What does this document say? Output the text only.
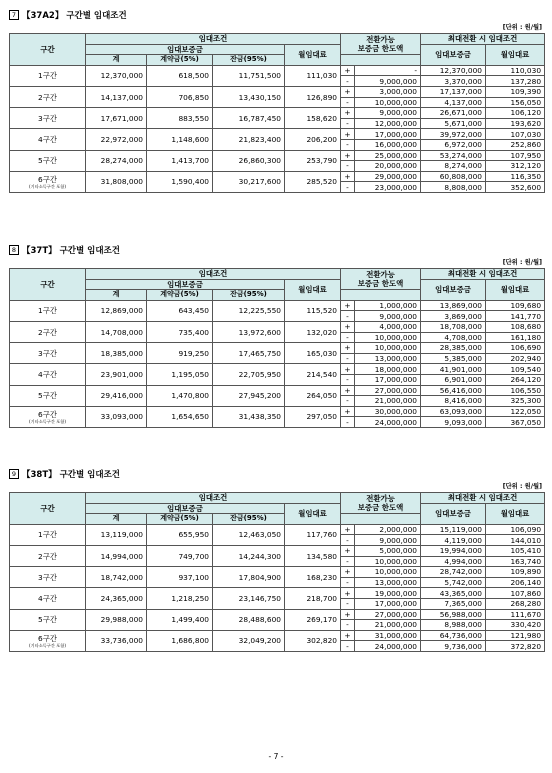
7 【37A2】 구간별 임대조건
[단위 : 원/월]
구간	임대조건				전환가능
보증금 한도액		최대전환 시 임대조건	
	임대보증금			월임대료			임대보증금	월임대료
	계	계약금(5%)	잔금(95%)					
1구간	12,370,000	618,500	11,751,500	111,030	+	-	12,370,000	110,030
					-	9,000,000	3,370,000	137,280
2구간	14,137,000	706,850	13,430,150	126,890	+	3,000,000	17,137,000	109,390
					-	10,000,000	4,137,000	156,050
3구간	17,671,000	883,550	16,787,450	158,620	+	9,000,000	26,671,000	106,120
					-	12,000,000	5,671,000	193,620
4구간	22,972,000	1,148,600	21,823,400	206,200	+	17,000,000	39,972,000	107,030
					-	16,000,000	6,972,000	252,860
5구간	28,274,000	1,413,700	26,860,300	253,790	+	25,000,000	53,274,000	107,950
					-	20,000,000	8,274,000	312,120
6구간
(기타소득구간 포함)	31,808,000	1,590,400	30,217,600	285,520	+	29,000,000	60,808,000	116,350
					-	23,000,000	8,808,000	352,600
8 【37T】 구간별 임대조건
[단위 : 원/월]
구간	임대조건				전환가능
보증금 한도액		최대전환 시 임대조건	
	임대보증금			월임대료			임대보증금	월임대료
	계	계약금(5%)	잔금(95%)					
1구간	12,869,000	643,450	12,225,550	115,520	+	1,000,000	13,869,000	109,680
					-	9,000,000	3,869,000	141,770
2구간	14,708,000	735,400	13,972,600	132,020	+	4,000,000	18,708,000	108,680
					-	10,000,000	4,708,000	161,180
3구간	18,385,000	919,250	17,465,750	165,030	+	10,000,000	28,385,000	106,690
					-	13,000,000	5,385,000	202,940
4구간	23,901,000	1,195,050	22,705,950	214,540	+	18,000,000	41,901,000	109,540
					-	17,000,000	6,901,000	264,120
5구간	29,416,000	1,470,800	27,945,200	264,050	+	27,000,000	56,416,000	106,550
					-	21,000,000	8,416,000	325,300
6구간
(기타소득구간 포함)	33,093,000	1,654,650	31,438,350	297,050	+	30,000,000	63,093,000	122,050
					-	24,000,000	9,093,000	367,050
9 【38T】 구간별 임대조건
[단위 : 원/월]
구간	임대조건				전환가능
보증금 한도액		최대전환 시 임대조건	
	임대보증금			월임대료			임대보증금	월임대료
	계	계약금(5%)	잔금(95%)					
1구간	13,119,000	655,950	12,463,050	117,760	+	2,000,000	15,119,000	106,090
					-	9,000,000	4,119,000	144,010
2구간	14,994,000	749,700	14,244,300	134,580	+	5,000,000	19,994,000	105,410
					-	10,000,000	4,994,000	163,740
3구간	18,742,000	937,100	17,804,900	168,230	+	10,000,000	28,742,000	109,890
					-	13,000,000	5,742,000	206,140
4구간	24,365,000	1,218,250	23,146,750	218,700	+	19,000,000	43,365,000	107,860
					-	17,000,000	7,365,000	268,280
5구간	29,988,000	1,499,400	28,488,600	269,170	+	27,000,000	56,988,000	111,670
					-	21,000,000	8,988,000	330,420
6구간
(기타소득구간 포함)	33,736,000	1,686,800	32,049,200	302,820	+	31,000,000	64,736,000	121,980
					-	24,000,000	9,736,000	372,820
- 7 -
